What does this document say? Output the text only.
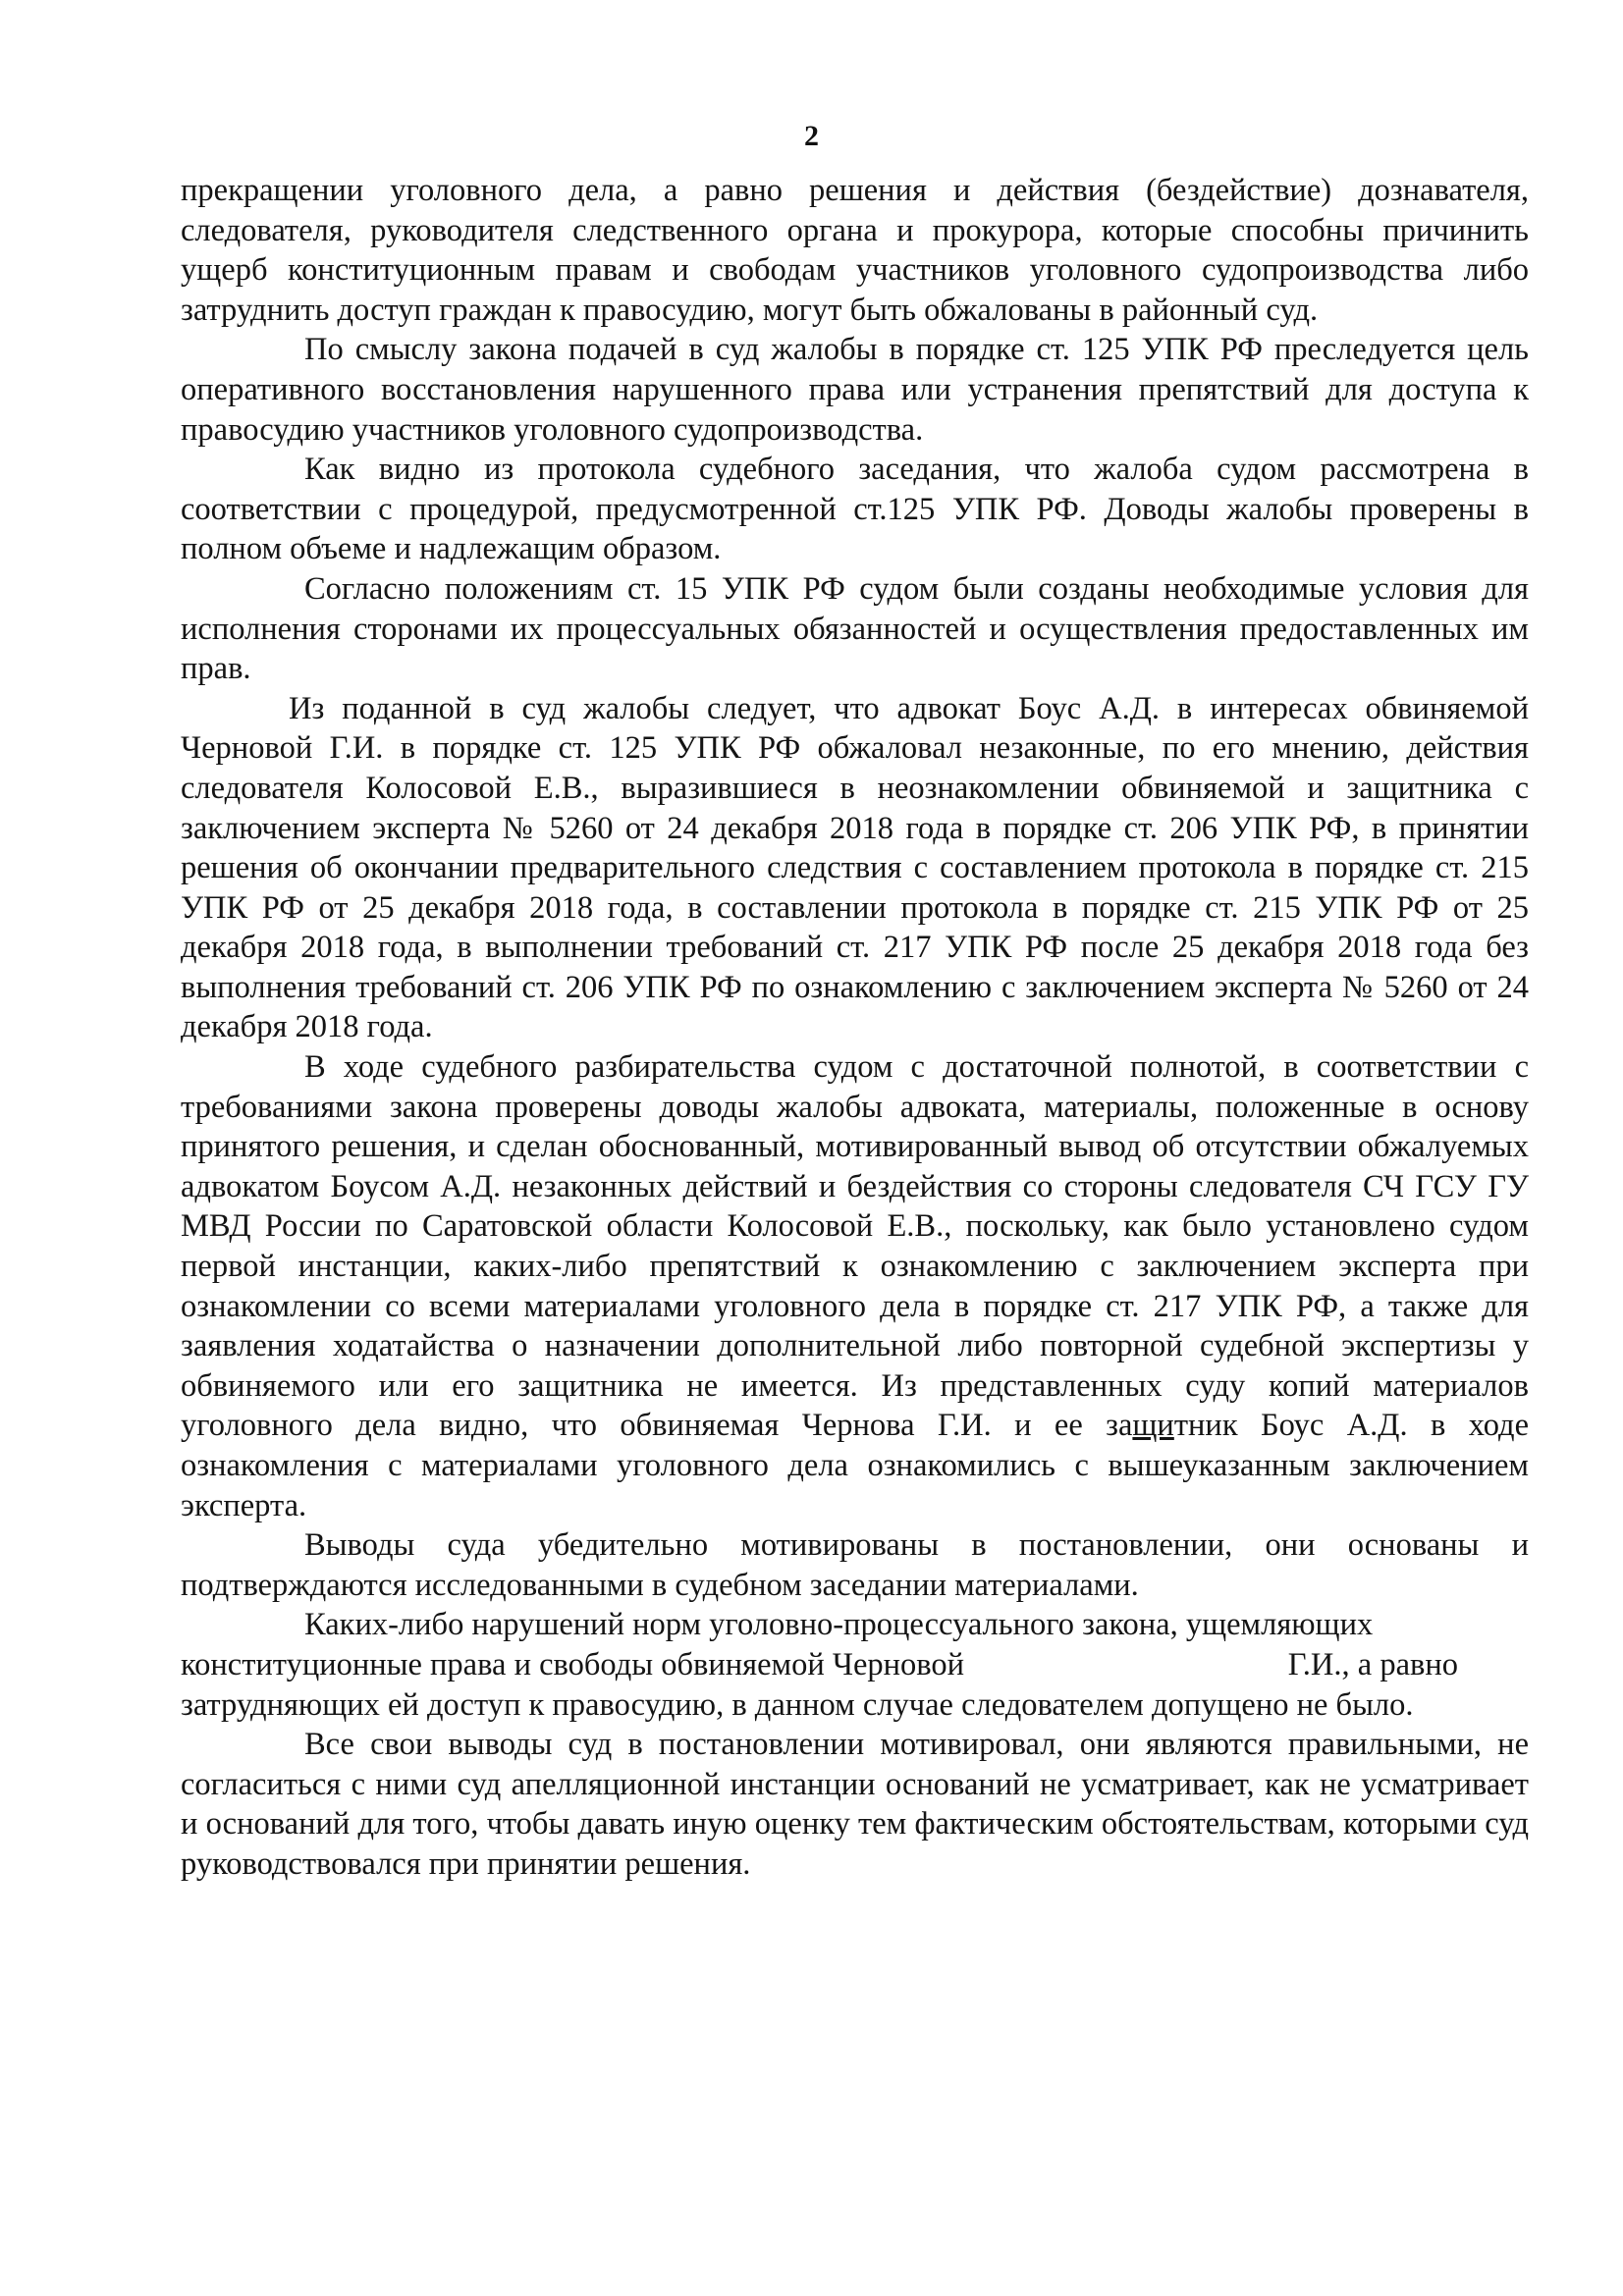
2

прекращении уголовного дела, а равно решения и действия (бездействие) дознавателя, следователя, руководителя следственного органа и прокурора, которые способны причинить ущерб конституционным правам и свободам участников уголовного судопроизводства либо затруднить доступ граждан к правосудию, могут быть обжалованы в районный суд.

По смыслу закона подачей в суд жалобы в порядке ст. 125 УПК РФ преследуется цель оперативного восстановления нарушенного права или устранения препятствий для доступа к правосудию участников уголовного судопроизводства.

Как видно из протокола судебного заседания, что жалоба судом рассмотрена в соответствии с процедурой, предусмотренной ст.125 УПК РФ. Доводы жалобы проверены в полном объеме и надлежащим образом.

Согласно положениям ст. 15 УПК РФ судом были созданы необходимые условия для исполнения сторонами их процессуальных обязанностей и осуществления предоставленных им прав.

Из поданной в суд жалобы следует, что адвокат Боус А.Д. в интересах обвиняемой Черновой Г.И. в порядке ст. 125 УПК РФ обжаловал незаконные, по его мнению, действия следователя Колосовой Е.В., выразившиеся в неознакомлении обвиняемой и защитника с заключением эксперта № 5260 от 24 декабря 2018 года в порядке ст. 206 УПК РФ, в принятии решения об окончании предварительного следствия с составлением протокола в порядке ст. 215 УПК РФ от 25 декабря 2018 года, в составлении протокола в порядке ст. 215 УПК РФ от 25 декабря 2018 года, в выполнении требований ст. 217 УПК РФ после 25 декабря 2018 года без выполнения требований ст. 206 УПК РФ по ознакомлению с заключением эксперта № 5260 от 24 декабря 2018 года.

В ходе судебного разбирательства судом с достаточной полнотой, в соответствии с требованиями закона проверены доводы жалобы адвоката, материалы, положенные в основу принятого решения, и сделан обоснованный, мотивированный вывод об отсутствии обжалуемых адвокатом Боусом А.Д. незаконных действий и бездействия со стороны следователя СЧ ГСУ ГУ МВД России по Саратовской области Колосовой Е.В., поскольку, как было установлено судом первой инстанции, каких-либо препятствий к ознакомлению с заключением эксперта при ознакомлении со всеми материалами уголовного дела в порядке ст. 217 УПК РФ, а также для заявления ходатайства о назначении дополнительной либо повторной судебной экспертизы у обвиняемого или его защитника не имеется. Из представленных суду копий материалов уголовного дела видно, что обвиняемая Чернова Г.И. и ее защитник Боус А.Д. в ходе ознакомления с материалами уголовного дела ознакомились с вышеуказанным заключением эксперта.

Выводы суда убедительно мотивированы в постановлении, они основаны и подтверждаются исследованными в судебном заседании материалами.

Каких-либо нарушений норм уголовно-процессуального закона, ущемляющих

конституционные права и свободы обвиняемой Черновой	Г.И., а равно

затрудняющих ей доступ к правосудию, в данном случае следователем допущено не было.

Все свои выводы суд в постановлении мотивировал, они являются правильными, не согласиться с ними суд апелляционной инстанции оснований не усматривает, как не усматривает и оснований для того, чтобы давать иную оценку тем фактическим обстоятельствам, которыми суд руководствовался при принятии решения.
